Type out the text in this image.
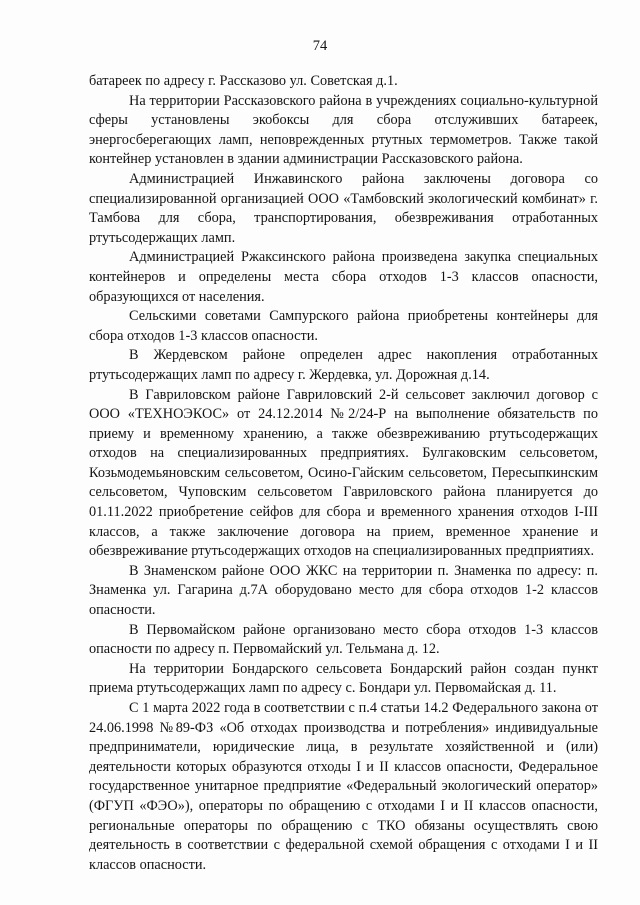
74

батареек по адресу г. Рассказово ул. Советская д.1.

На территории Рассказовского района в учреждениях социально-культурной сферы установлены экобоксы для сбора отслуживших батареек, энергосберегающих ламп, неповрежденных ртутных термометров. Также такой контейнер установлен в здании администрации Рассказовского района.

Администрацией Инжавинского района заключены договора со специализированной организацией ООО «Тамбовский экологический комбинат» г. Тамбова для сбора, транспортирования, обезвреживания отработанных ртутьсодержащих ламп.

Администрацией Ржаксинского района произведена закупка специальных контейнеров и определены места сбора отходов 1-3 классов опасности, образующихся от населения.

Сельскими советами Сампурского района приобретены контейнеры для сбора отходов 1-3 классов опасности.

В Жердевском районе определен адрес накопления отработанных ртутьсодержащих ламп по адресу г. Жердевка, ул. Дорожная д.14.

В Гавриловском районе Гавриловский 2-й сельсовет заключил договор с ООО «ТЕХНОЭКОС» от 24.12.2014 №2/24-Р на выполнение обязательств по приему и временному хранению, а также обезвреживанию ртутьсодержащих отходов на специализированных предприятиях. Булгаковским сельсоветом, Козьмодемьяновским сельсоветом, Осино-Гайским сельсоветом, Пересыпкинским сельсоветом, Чуповским сельсоветом Гавриловского района планируется до 01.11.2022 приобретение сейфов для сбора и временного хранения отходов I-III классов, а также заключение договора на прием, временное хранение и обезвреживание ртутьсодержащих отходов на специализированных предприятиях.

В Знаменском районе ООО ЖКС на территории п. Знаменка по адресу: п. Знаменка ул. Гагарина д.7А оборудовано место для сбора отходов 1-2 классов опасности.

В Первомайском районе организовано место сбора отходов 1-3 классов опасности по адресу п. Первомайский ул. Тельмана д. 12.

На территории Бондарского сельсовета Бондарский район создан пункт приема ртутьсодержащих ламп по адресу с. Бондари ул. Первомайская д. 11.

С 1 марта 2022 года в соответствии с п.4 статьи 14.2 Федерального закона от 24.06.1998 №89-ФЗ «Об отходах производства и потребления» индивидуальные предприниматели, юридические лица, в результате хозяйственной и (или) деятельности которых образуются отходы I и II классов опасности, Федеральное государственное унитарное предприятие «Федеральный экологический оператор» (ФГУП «ФЭО»), операторы по обращению с отходами I и II классов опасности, региональные операторы по обращению с ТКО обязаны осуществлять свою деятельность в соответствии с федеральной схемой обращения с отходами I и II классов опасности.
